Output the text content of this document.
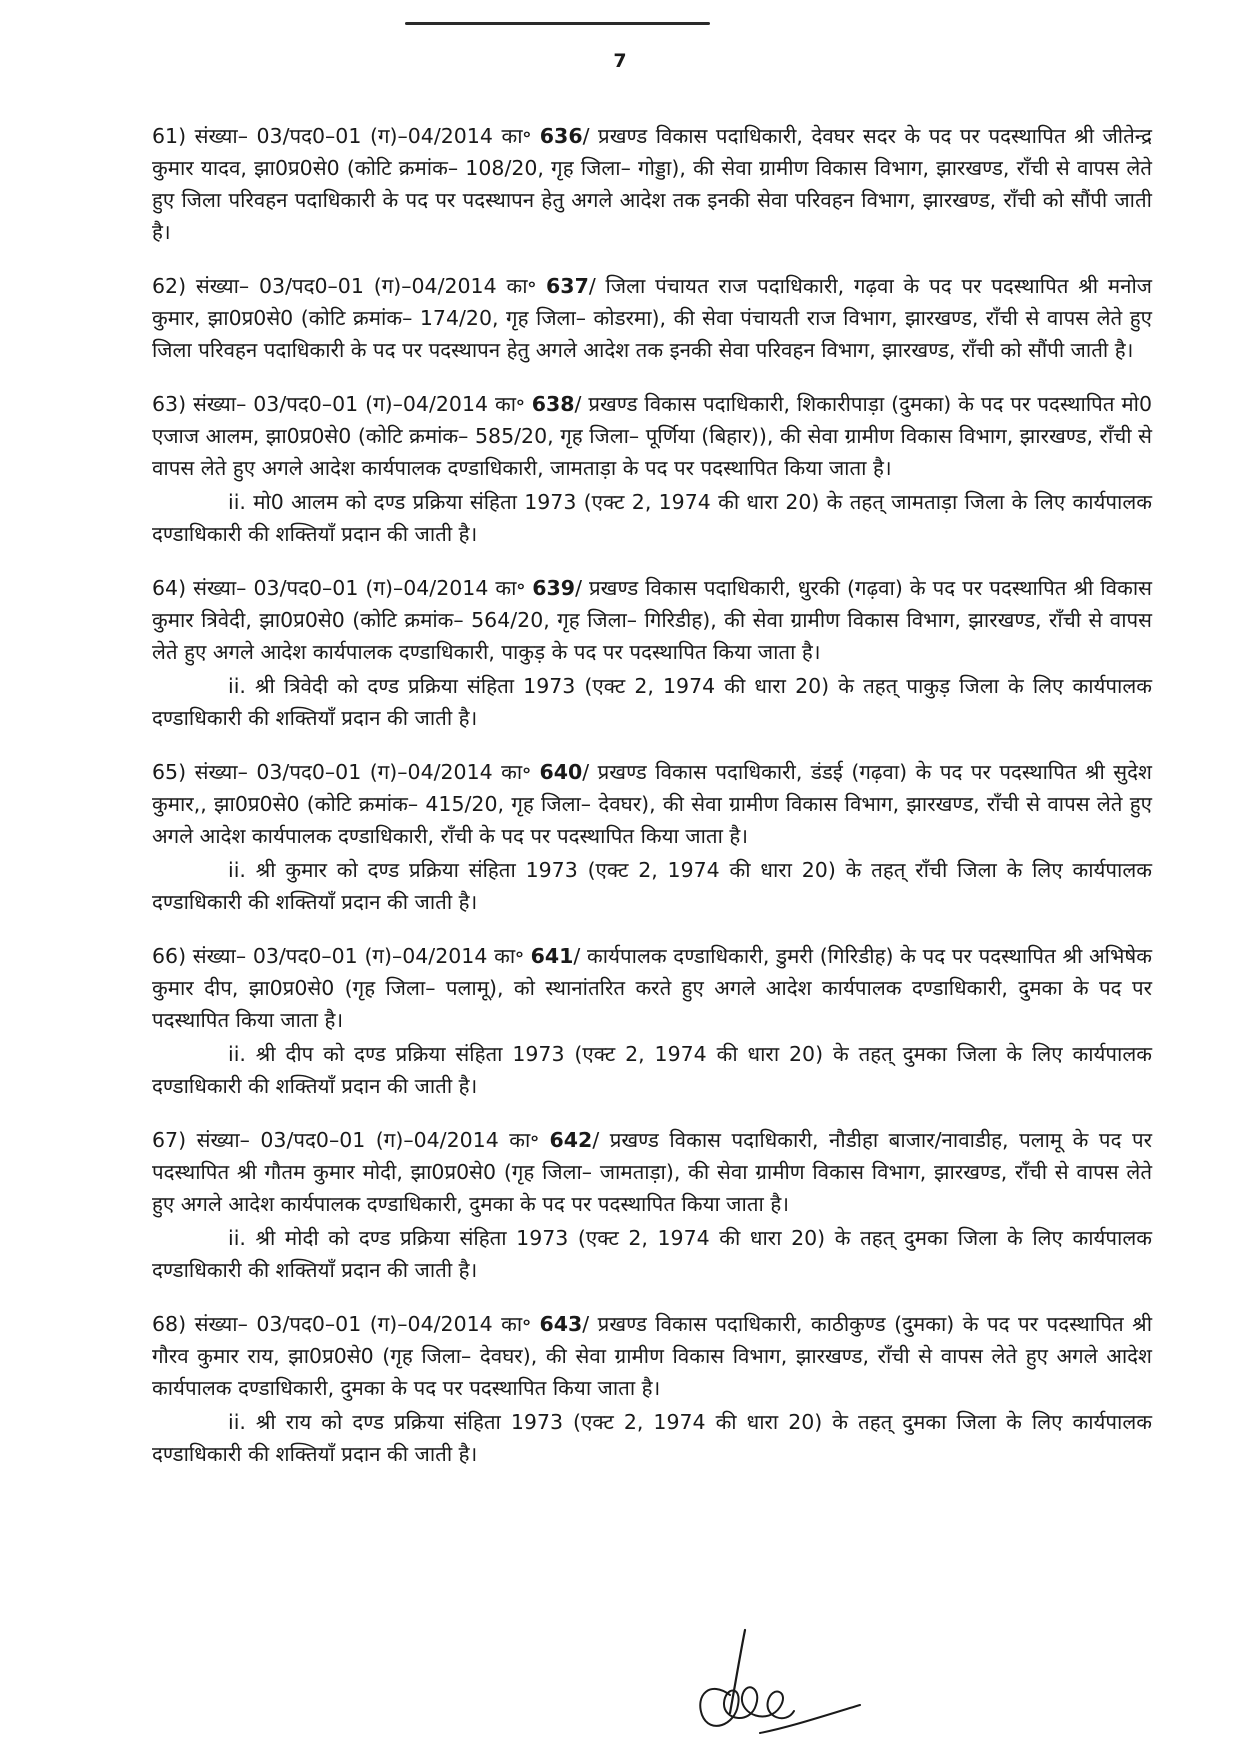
7

61) संख्या– 03/पद0–01 (ग)–04/2014 का॰ 636/ प्रखण्ड विकास पदाधिकारी, देवघर सदर के पद पर पदस्थापित श्री जीतेन्द्र कुमार यादव, झा0प्र0से0 (कोटि क्रमांक– 108/20, गृह जिला– गोड्डा), की सेवा ग्रामीण विकास विभाग, झारखण्ड, राँची से वापस लेते हुए जिला परिवहन पदाधिकारी के पद पर पदस्थापन हेतु अगले आदेश तक इनकी सेवा परिवहन विभाग, झारखण्ड, राँची को सौंपी जाती है।

62) संख्या– 03/पद0–01 (ग)–04/2014 का॰ 637/ जिला पंचायत राज पदाधिकारी, गढ़वा के पद पर पदस्थापित श्री मनोज कुमार, झा0प्र0से0 (कोटि क्रमांक– 174/20, गृह जिला– कोडरमा), की सेवा पंचायती राज विभाग, झारखण्ड, राँची से वापस लेते हुए जिला परिवहन पदाधिकारी के पद पर पदस्थापन हेतु अगले आदेश तक इनकी सेवा परिवहन विभाग, झारखण्ड, राँची को सौंपी जाती है।

63) संख्या– 03/पद0–01 (ग)–04/2014 का॰ 638/ प्रखण्ड विकास पदाधिकारी, शिकारीपाड़ा (दुमका) के पद पर पदस्थापित मो0 एजाज आलम, झा0प्र0से0 (कोटि क्रमांक– 585/20, गृह जिला– पूर्णिया (बिहार)), की सेवा ग्रामीण विकास विभाग, झारखण्ड, राँची से वापस लेते हुए अगले आदेश कार्यपालक दण्डाधिकारी, जामताड़ा के पद पर पदस्थापित किया जाता है।

ii. मो0 आलम को दण्ड प्रक्रिया संहिता 1973 (एक्ट 2, 1974 की धारा 20) के तहत् जामताड़ा जिला के लिए कार्यपालक दण्डाधिकारी की शक्तियाँ प्रदान की जाती है।

64) संख्या– 03/पद0–01 (ग)–04/2014 का॰ 639/ प्रखण्ड विकास पदाधिकारी, धुरकी (गढ़वा) के पद पर पदस्थापित श्री विकास कुमार त्रिवेदी, झा0प्र0से0 (कोटि क्रमांक– 564/20, गृह जिला– गिरिडीह), की सेवा ग्रामीण विकास विभाग, झारखण्ड, राँची से वापस लेते हुए अगले आदेश कार्यपालक दण्डाधिकारी, पाकुड़ के पद पर पदस्थापित किया जाता है।

ii. श्री त्रिवेदी को दण्ड प्रक्रिया संहिता 1973 (एक्ट 2, 1974 की धारा 20) के तहत् पाकुड़ जिला के लिए कार्यपालक दण्डाधिकारी की शक्तियाँ प्रदान की जाती है।

65) संख्या– 03/पद0–01 (ग)–04/2014 का॰ 640/ प्रखण्ड विकास पदाधिकारी, डंडई (गढ़वा) के पद पर पदस्थापित श्री सुदेश कुमार,, झा0प्र0से0 (कोटि क्रमांक– 415/20, गृह जिला– देवघर), की सेवा ग्रामीण विकास विभाग, झारखण्ड, राँची से वापस लेते हुए अगले आदेश कार्यपालक दण्डाधिकारी, राँची के पद पर पदस्थापित किया जाता है।

ii. श्री कुमार को दण्ड प्रक्रिया संहिता 1973 (एक्ट 2, 1974 की धारा 20) के तहत् राँची जिला के लिए कार्यपालक दण्डाधिकारी की शक्तियाँ प्रदान की जाती है।

66) संख्या– 03/पद0–01 (ग)–04/2014 का॰ 641/ कार्यपालक दण्डाधिकारी, डुमरी (गिरिडीह) के पद पर पदस्थापित श्री अभिषेक कुमार दीप, झा0प्र0से0 (गृह जिला– पलामू), को स्थानांतरित करते हुए अगले आदेश कार्यपालक दण्डाधिकारी, दुमका के पद पर पदस्थापित किया जाता है।

ii. श्री दीप को दण्ड प्रक्रिया संहिता 1973 (एक्ट 2, 1974 की धारा 20) के तहत् दुमका जिला के लिए कार्यपालक दण्डाधिकारी की शक्तियाँ प्रदान की जाती है।

67) संख्या– 03/पद0–01 (ग)–04/2014 का॰ 642/ प्रखण्ड विकास पदाधिकारी, नौडीहा बाजार/नावाडीह, पलामू के पद पर पदस्थापित श्री गौतम कुमार मोदी, झा0प्र0से0 (गृह जिला– जामताड़ा), की सेवा ग्रामीण विकास विभाग, झारखण्ड, राँची से वापस लेते हुए अगले आदेश कार्यपालक दण्डाधिकारी, दुमका के पद पर पदस्थापित किया जाता है।

ii. श्री मोदी को दण्ड प्रक्रिया संहिता 1973 (एक्ट 2, 1974 की धारा 20) के तहत् दुमका जिला के लिए कार्यपालक दण्डाधिकारी की शक्तियाँ प्रदान की जाती है।

68) संख्या– 03/पद0–01 (ग)–04/2014 का॰ 643/ प्रखण्ड विकास पदाधिकारी, काठीकुण्ड (दुमका) के पद पर पदस्थापित श्री गौरव कुमार राय, झा0प्र0से0 (गृह जिला– देवघर), की सेवा ग्रामीण विकास विभाग, झारखण्ड, राँची से वापस लेते हुए अगले आदेश कार्यपालक दण्डाधिकारी, दुमका के पद पर पदस्थापित किया जाता है।

ii. श्री राय को दण्ड प्रक्रिया संहिता 1973 (एक्ट 2, 1974 की धारा 20) के तहत् दुमका जिला के लिए कार्यपालक दण्डाधिकारी की शक्तियाँ प्रदान की जाती है।
